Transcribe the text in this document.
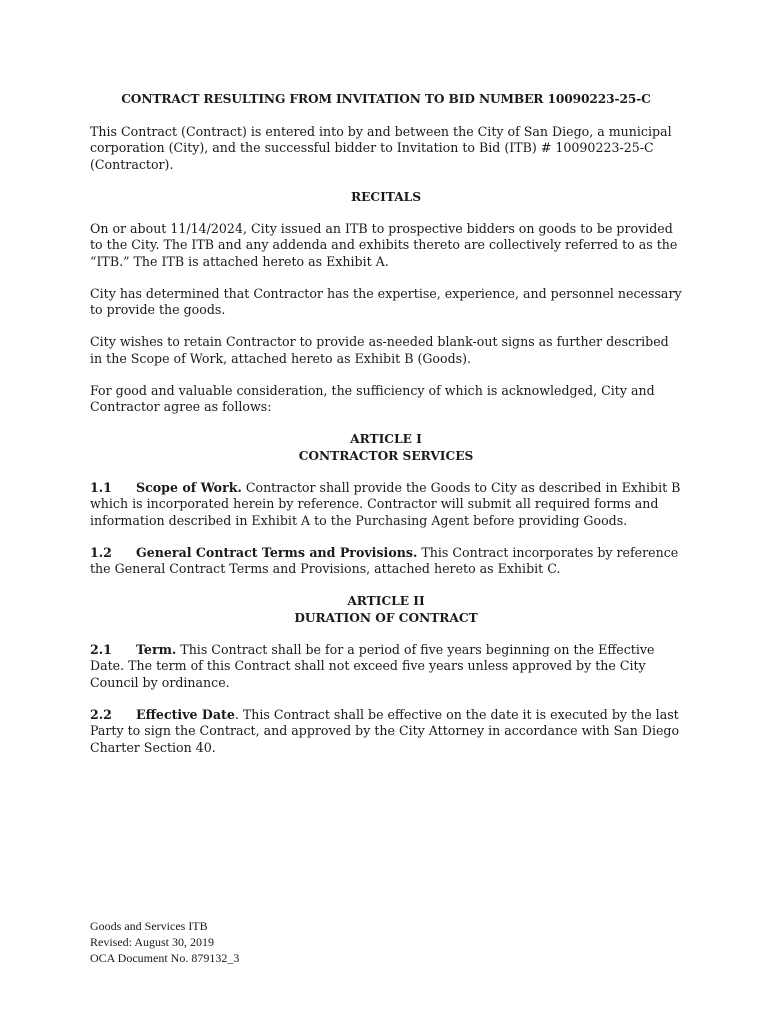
CONTRACT RESULTING FROM INVITATION TO BID NUMBER 10090223-25-C

This Contract (Contract) is entered into by and between the City of San Diego, a municipal corporation (City), and the successful bidder to Invitation to Bid (ITB) # 10090223-25-C (Contractor).

RECITALS

On or about 11/14/2024, City issued an ITB to prospective bidders on goods to be provided to the City. The ITB and any addenda and exhibits thereto are collectively referred to as the “ITB.” The ITB is attached hereto as Exhibit A.

City has determined that Contractor has the expertise, experience, and personnel necessary to provide the goods.

City wishes to retain Contractor to provide as-needed blank-out signs as further described in the Scope of Work, attached hereto as Exhibit B (Goods).

For good and valuable consideration, the sufficiency of which is acknowledged, City and Contractor agree as follows:

ARTICLE I
CONTRACTOR SERVICES

1.1 Scope of Work. Contractor shall provide the Goods to City as described in Exhibit B which is incorporated herein by reference. Contractor will submit all required forms and information described in Exhibit A to the Purchasing Agent before providing Goods.

1.2 General Contract Terms and Provisions. This Contract incorporates by reference the General Contract Terms and Provisions, attached hereto as Exhibit C.

ARTICLE II
DURATION OF CONTRACT

2.1 Term. This Contract shall be for a period of five years beginning on the Effective Date. The term of this Contract shall not exceed five years unless approved by the City Council by ordinance.

2.2 Effective Date. This Contract shall be effective on the date it is executed by the last Party to sign the Contract, and approved by the City Attorney in accordance with San Diego Charter Section 40.

Goods and Services ITB
Revised: August 30, 2019
OCA Document No. 879132_3
